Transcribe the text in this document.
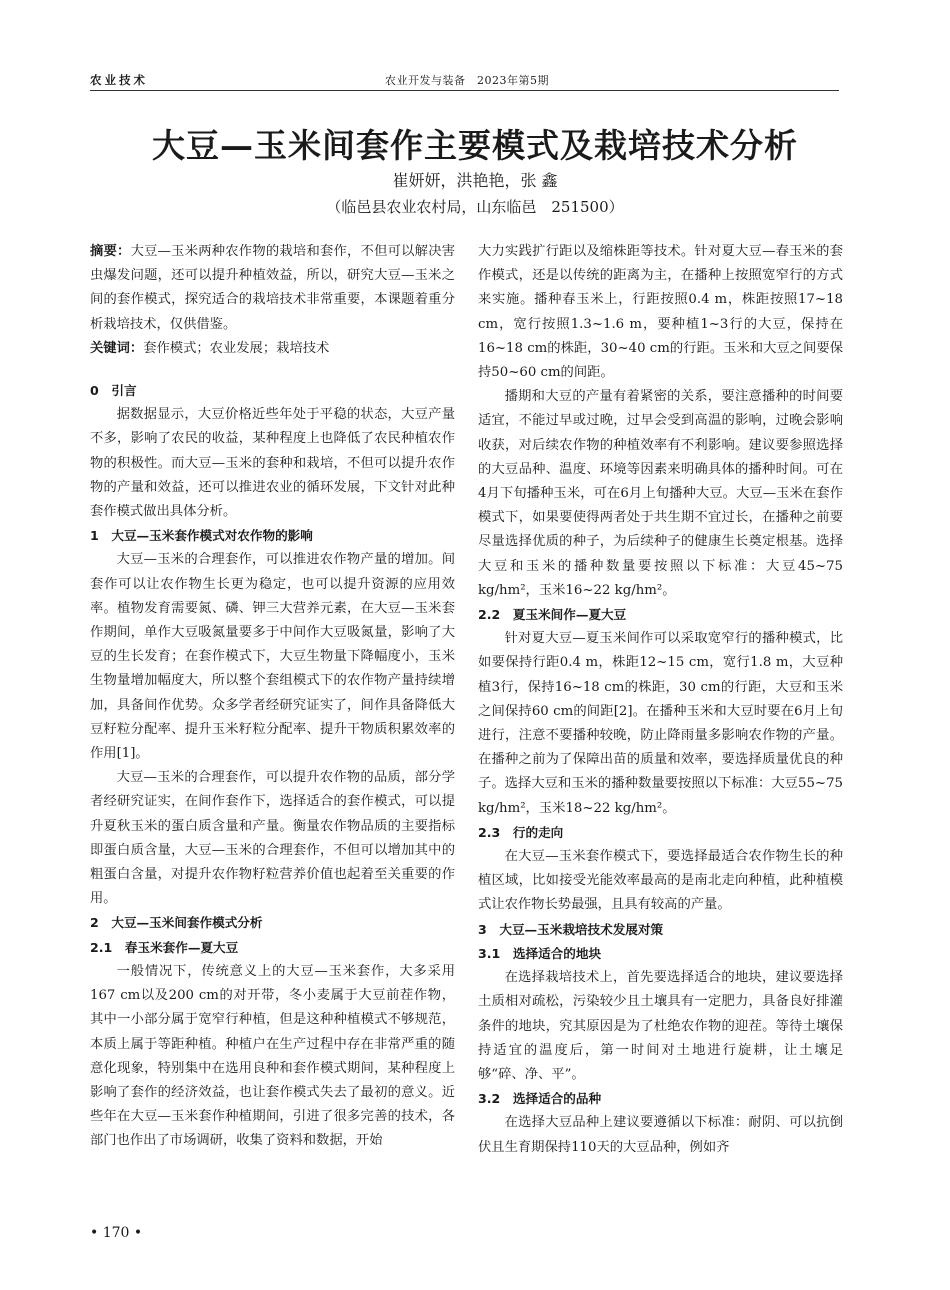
农业技术	农业开发与装备　2023年第5期
大豆—玉米间套作主要模式及栽培技术分析
崔妍妍，洪艳艳，张 鑫
（临邑县农业农村局，山东临邑　251500）

摘要：大豆—玉米两种农作物的栽培和套作，不但可以解决害虫爆发问题，还可以提升种植效益，所以，研究大豆—玉米之间的套作模式，探究适合的栽培技术非常重要，本课题着重分析栽培技术，仅供借鉴。

关键词：套作模式；农业发展；栽培技术

0　引言

据数据显示，大豆价格近些年处于平稳的状态，大豆产量不多，影响了农民的收益，某种程度上也降低了农民种植农作物的积极性。而大豆—玉米的套种和栽培，不但可以提升农作物的产量和效益，还可以推进农业的循环发展，下文针对此种套作模式做出具体分析。

1　大豆—玉米套作模式对农作物的影响

大豆—玉米的合理套作，可以推进农作物产量的增加。间套作可以让农作物生长更为稳定，也可以提升资源的应用效率。植物发育需要氮、磷、钾三大营养元素，在大豆—玉米套作期间，单作大豆吸氮量要多于中间作大豆吸氮量，影响了大豆的生长发育；在套作模式下，大豆生物量下降幅度小，玉米生物量增加幅度大，所以整个套组模式下的农作物产量持续增加，具备间作优势。众多学者经研究证实了，间作具备降低大豆籽粒分配率、提升玉米籽粒分配率、提升干物质积累效率的作用[1]。

大豆—玉米的合理套作，可以提升农作物的品质，部分学者经研究证实，在间作套作下，选择适合的套作模式，可以提升夏秋玉米的蛋白质含量和产量。衡量农作物品质的主要指标即蛋白质含量，大豆—玉米的合理套作，不但可以增加其中的粗蛋白含量，对提升农作物籽粒营养价值也起着至关重要的作用。

2　大豆—玉米间套作模式分析

2.1　春玉米套作—夏大豆

一般情况下，传统意义上的大豆—玉米套作，大多采用167 cm以及200 cm的对开带，冬小麦属于大豆前茬作物，其中一小部分属于宽窄行种植，但是这种种植模式不够规范，本质上属于等距种植。种植户在生产过程中存在非常严重的随意化现象，特别集中在选用良种和套作模式期间，某种程度上影响了套作的经济效益，也让套作模式失去了最初的意义。近些年在大豆—玉米套作种植期间，引进了很多完善的技术，各部门也作出了市场调研，收集了资料和数据，开始

大力实践扩行距以及缩株距等技术。针对夏大豆—春玉米的套作模式，还是以传统的距离为主，在播种上按照宽窄行的方式来实施。播种春玉米上，行距按照0.4 m，株距按照17~18 cm，宽行按照1.3~1.6 m，要种植1~3行的大豆，保持在16~18 cm的株距，30~40 cm的行距。玉米和大豆之间要保持50~60 cm的间距。

播期和大豆的产量有着紧密的关系，要注意播种的时间要适宜，不能过早或过晚，过早会受到高温的影响，过晚会影响收获，对后续农作物的种植效率有不利影响。建议要参照选择的大豆品种、温度、环境等因素来明确具体的播种时间。可在4月下旬播种玉米，可在6月上旬播种大豆。大豆—玉米在套作模式下，如果要使得两者处于共生期不宜过长，在播种之前要尽量选择优质的种子，为后续种子的健康生长奠定根基。选择大豆和玉米的播种数量要按照以下标准：大豆45~75 kg/hm²，玉米16~22 kg/hm²。

2.2　夏玉米间作—夏大豆

针对夏大豆—夏玉米间作可以采取宽窄行的播种模式，比如要保持行距0.4 m，株距12~15 cm，宽行1.8 m，大豆种植3行，保持16~18 cm的株距，30 cm的行距，大豆和玉米之间保持60 cm的间距[2]。在播种玉米和大豆时要在6月上旬进行，注意不要播种较晚，防止降雨量多影响农作物的产量。在播种之前为了保障出苗的质量和效率，要选择质量优良的种子。选择大豆和玉米的播种数量要按照以下标准：大豆55~75 kg/hm²，玉米18~22 kg/hm²。

2.3　行的走向

在大豆—玉米套作模式下，要选择最适合农作物生长的种植区域，比如接受光能效率最高的是南北走向种植，此种植模式让农作物长势最强，且具有较高的产量。

3　大豆—玉米栽培技术发展对策

3.1　选择适合的地块

在选择栽培技术上，首先要选择适合的地块，建议要选择土质相对疏松，污染较少且土壤具有一定肥力，具备良好排灌条件的地块，究其原因是为了杜绝农作物的迎茬。等待土壤保持适宜的温度后，第一时间对土地进行旋耕，让土壤足够“碎、净、平”。

3.2　选择适合的品种

在选择大豆品种上建议要遵循以下标准：耐阴、可以抗倒伏且生育期保持110天的大豆品种，例如齐

• 170 •
